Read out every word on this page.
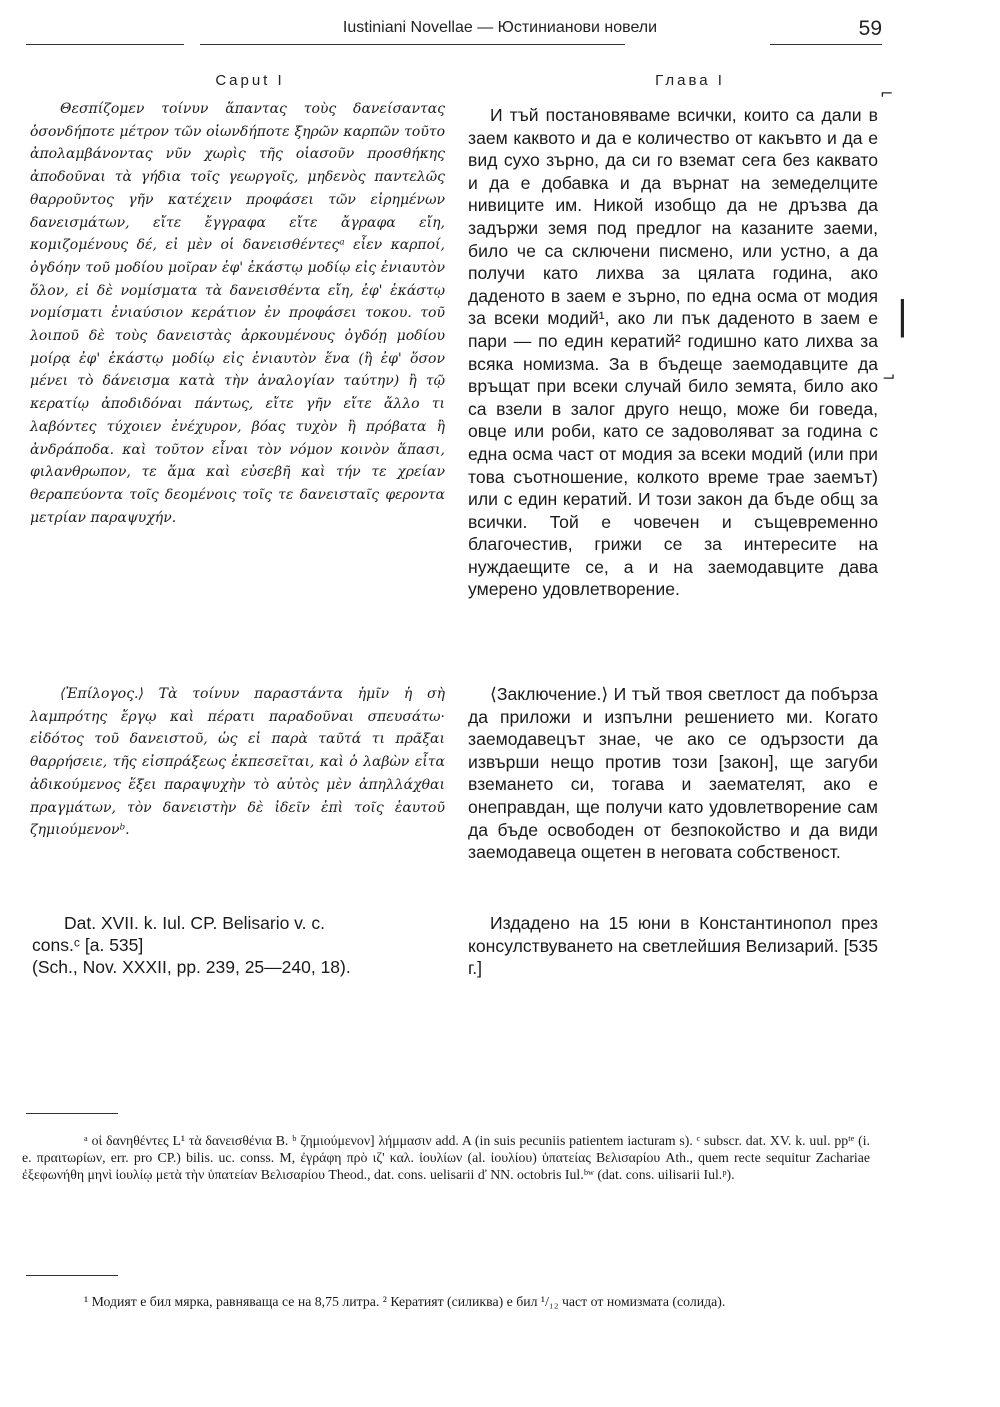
Iustiniani Novellae — Юстинианови новели	59
Caput I

Θεσπίζομεν τοίνυν ἅπαντας τοὺς δανείσαντας ὁσονδήποτε μέτρον τῶν οἱωνδήποτε ξηρῶν καρπῶν τοῦτο ἀπολαμβάνοντας νῦν χωρὶς τῆς οἱασοῦν προσθήκης ἀποδοῦναι τὰ γήδια τοῖς γεωργοῖς, μηδενὸς παντελῶς θαρροῦντος γῆν κατέχειν προφάσει τῶν εἰρημένων δανεισμάτων, εἴτε ἔγγραφα εἴτε ἄγραφα εἴη, κομιζομένους δέ, εἰ μὲν οἱ δανεισθέντεςᵃ εἶεν καρποί, ὀγδόην τοῦ μοδίου μοῖραν ἐφ' ἑκάστῳ μοδίῳ εἰς ἐνιαυτὸν ὅλον, εἰ δὲ νομίσματα τὰ δανεισθέντα εἴη, ἐφ' ἑκάστῳ νομίσματι ἐνιαύσιον κεράτιον ἐν προφάσει τοκου. τοῦ λοιποῦ δὲ τοὺς δανειστὰς ἀρκουμένους ὀγδόῃ μοδίου μοίρᾳ ἐφ' ἑκάστῳ μοδίῳ εἰς ἐνιαυτὸν ἕνα (ἢ ἐφ' ὅσον μένει τὸ δάνεισμα κατὰ τὴν ἀναλογίαν ταύτην) ἢ τῷ κερατίῳ ἀποδιδόναι πάντως, εἴτε γῆν εἴτε ἄλλο τι λαβόντες τύχοιεν ἐνέχυρον, βόας τυχὸν ἢ πρόβατα ἢ ἀνδράποδα. καὶ τοῦτον εἶναι τὸν νόμον κοινὸν ἅπασι, φιλανθρωπον, τε ἅμα καὶ εὐσεβῆ καὶ τήν τε χρείαν θεραπεύοντα τοῖς δεομένοις τοῖς τε δανεισταῖς φεροντα μετρίαν παραψυχήν.

⟨Ἐπίλογος.⟩ Τὰ τοίνυν παραστάντα ἡμῖν ἡ σὴ λαμπρότης ἔργῳ καὶ πέρατι παραδοῦναι σπευσάτω· εἰδότος τοῦ δανειστοῦ, ὡς εἰ παρὰ ταῦτά τι πρᾶξαι θαρρήσειε, τῆς εἰσπράξεως ἐκπεσεῖται, καὶ ὁ λαβὼν εἶτα ἀδικούμενος ἕξει παραψυχὴν τὸ αὐτὸς μὲν ἀπηλλάχθαι πραγμάτων, τὸν δανειστὴν δὲ ἰδεῖν ἐπὶ τοῖς ἑαυτοῦ ζημιούμενονᵇ.

Dat. XVII. k. Iul. CP. Belisario v. c.

cons.ᶜ [a. 535]

(Sch., Nov. XXXII, pp. 239, 25—240, 18).

Глава I

И тъй постановяваме всички, които са дали в заем каквото и да е количество от какъвто и да е вид сухо зърно, да си го вземат сега без каквато и да е добавка и да върнат на земеделците нивиците им. Никой изобщо да не дръзва да задържи земя под предлог на казаните заеми, било че са сключени писмено, или устно, а да получи като лихва за цялата година, ако даденото в заем е зърно, по една осма от модия за всеки модий¹, ако ли пък даденото в заем е пари — по един кератий² годишно като лихва за всяка номизма. За в бъдеще заемодавците да връщат при всеки случай било земята, било ако са взели в залог друго нещо, може би говеда, овце или роби, като се задоволяват за година с една осма част от модия за всеки модий (или при това съотношение, колкото време трае заемът) или с един кератий. И този закон да бъде общ за всички. Той е човечен и същевременно благочестив, грижи се за интересите на нуждаещите се, а и на заемодавците дава умерено удовлетворение.

⟨Заключение.⟩ И тъй твоя светлост да побърза да приложи и изпълни решението ми. Когато заемодавецът знае, че ако се одързости да извърши нещо против този [закон], ще загуби вземането си, тогава и заемателят, ако е онеправдан, ще получи като удовлетворение сам да бъде освободен от безпокойство и да види заемодавеца ощетен в неговата собственост.

Издадено на 15 юни в Константинопол през консулствуването на светлейшия Велизарий. [535 г.]

⌐
|
⌐

ᵃ οἱ δανηθέντες L¹ τὰ δανεισθένια B. ᵇ ζημιούμενον] λήμμασιν add. A (in suis pecuniis patientem iacturam s). ᶜ subscr. dat. XV. k. uul. ppᵗᵉ (i. e. πραιτωρίων, err. pro CP.) bilis. uc. conss. M, ἐγράφη πρὸ ιζ' καλ. ἰουλίων (al. ἰουλίου) ὑπατείας Βελισαρίου Ath., quem recte sequitur Zachariae ἐξεφωνήθη μηνὶ ἰουλίῳ μετὰ τὴν ὑπατείαν Βελισαρίου Theod., dat. cons. uelisarii ď NN. octobris Iul.ᵇʷ (dat. cons. uilisarii Iul.ᵖ).

¹ Модият е бил мярка, равняваща се на 8,75 литра. ² Кератият (силиква) е бил ¹/₁₂ част от номизмата (солида).
